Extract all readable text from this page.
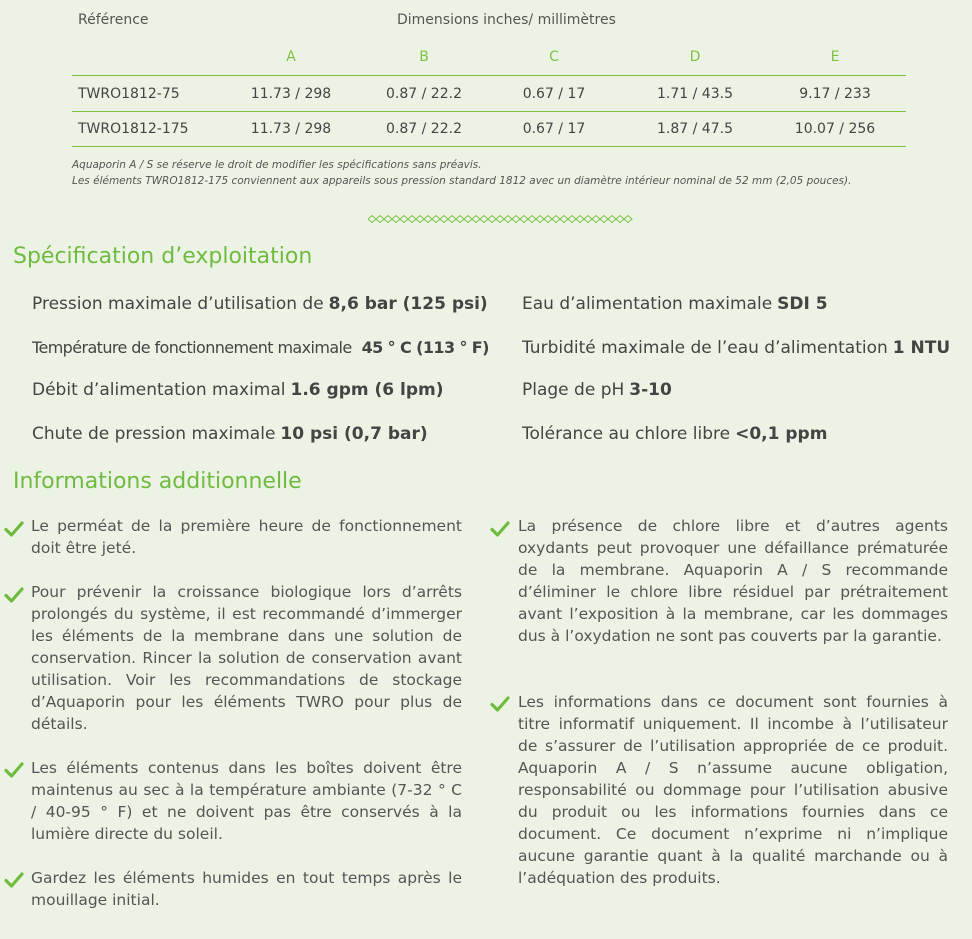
Référence	Dimensions inches/ millimètres
A	B	C	D	E
TWRO1812-75	11.73 / 298	0.87 / 22.2	0.67 / 17	1.71 / 43.5	9.17 / 233
TWRO1812-175	11.73 / 298	0.87 / 22.2	0.67 / 17	1.87 / 47.5	10.07 / 256
Aquaporin A / S se réserve le droit de modifier les spécifications sans préavis.
Les éléments TWRO1812-175 conviennent aux appareils sous pression standard 1812 avec un diamètre intérieur nominal de 52 mm (2,05 pouces).
Spécification d’exploitation
Pression maximale d’utilisation de 8,6 bar (125 psi)
Température de fonctionnement maximale 45 ° C (113 ° F)
Débit d’alimentation maximal 1.6 gpm (6 lpm)
Chute de pression maximale 10 psi (0,7 bar)
Eau d’alimentation maximale SDI 5
Turbidité maximale de l’eau d’alimentation 1 NTU
Plage de pH 3-10
Tolérance au chlore libre <0,1 ppm
Informations additionnelle
Le perméat de la première heure de fonctionnement doit être jeté.
Pour prévenir la croissance biologique lors d’arrêts prolongés du système, il est recommandé d’immerger les éléments de la membrane dans une solution de conservation. Rincer la solution de conservation avant utilisation. Voir les recommandations de stockage d’Aquaporin pour les éléments TWRO pour plus de détails.
Les éléments contenus dans les boîtes doivent être maintenus au sec à la température ambiante (7-32 ° C / 40-95 ° F) et ne doivent pas être conservés à la lumière directe du soleil.
Gardez les éléments humides en tout temps après le mouillage initial.
La présence de chlore libre et d’autres agents oxydants peut provoquer une défaillance prématurée de la membrane. Aquaporin A / S recommande d’éliminer le chlore libre résiduel par prétraitement avant l’exposition à la membrane, car les dommages dus à l’oxydation ne sont pas couverts par la garantie.
Les informations dans ce document sont fournies à titre informatif uniquement. Il incombe à l’utilisateur de s’assurer de l’utilisation appropriée de ce produit. Aquaporin A / S n’assume aucune obligation, responsabilité ou dommage pour l’utilisation abusive du produit ou les informations fournies dans ce document. Ce document n’exprime ni n’implique aucune garantie quant à la qualité marchande ou à l’adéquation des produits.
